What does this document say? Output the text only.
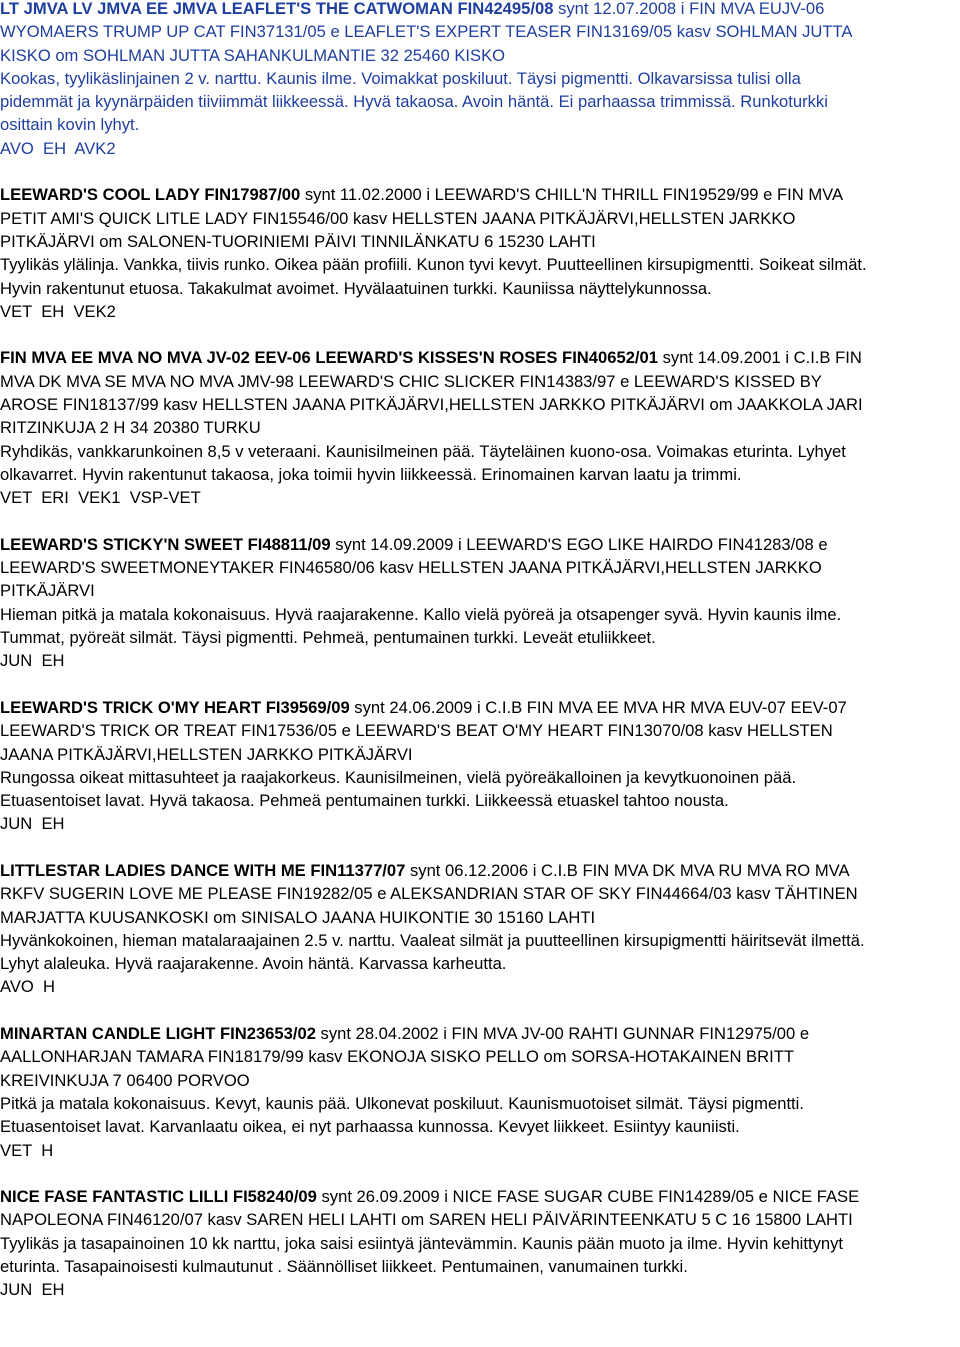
LT JMVA LV JMVA EE JMVA LEAFLET'S THE CATWOMAN FIN42495/08 synt 12.07.2008 i FIN MVA EUJV-06
WYOMAERS TRUMP UP CAT FIN37131/05 e LEAFLET'S EXPERT TEASER FIN13169/05 kasv SOHLMAN JUTTA
KISKO om SOHLMAN JUTTA SAHANKULMANTIE 32 25460 KISKO
Kookas, tyylikäslinjainen 2 v. narttu. Kaunis ilme. Voimakkat poskiluut. Täysi pigmentti. Olkavarsissa tulisi olla
pidemmät ja kyynärpäiden tiiviimmät liikkeessä. Hyvä takaosa. Avoin häntä. Ei parhaassa trimmissä. Runkoturkki
osittain kovin lyhyt.
AVO  EH  AVK2
LEEWARD'S COOL LADY FIN17987/00 synt 11.02.2000 i LEEWARD'S CHILL'N THRILL FIN19529/99 e FIN MVA
PETIT AMI'S QUICK LITLE LADY FIN15546/00 kasv HELLSTEN JAANA PITKÄJÄRVI,HELLSTEN JARKKO
PITKÄJÄRVI om SALONEN-TUORINIEMI PÄIVI TINNILÄNKATU 6 15230 LAHTI
Tyylikäs ylälinja. Vankka, tiivis runko. Oikea pään profiili. Kunon tyvi kevyt. Puutteellinen kirsupigmentti. Soikeat silmät.
Hyvin rakentunut etuosa. Takakulmat avoimet. Hyvälaatuinen turkki. Kauniissa näyttelykunnossa.
VET  EH  VEK2
FIN MVA EE MVA NO MVA JV-02 EEV-06 LEEWARD'S KISSES'N ROSES FIN40652/01 synt 14.09.2001 i C.I.B FIN
MVA DK MVA SE MVA NO MVA JMV-98 LEEWARD'S CHIC SLICKER FIN14383/97 e LEEWARD'S KISSED BY
AROSE FIN18137/99 kasv HELLSTEN JAANA PITKÄJÄRVI,HELLSTEN JARKKO PITKÄJÄRVI om JAAKKOLA JARI
RITZINKUJA 2 H 34 20380 TURKU
Ryhdikäs, vankkarunkoinen 8,5 v veteraani. Kaunisilmeinen pää. Täyteläinen kuono-osa. Voimakas eturinta. Lyhyet
olkavarret. Hyvin rakentunut takaosa, joka toimii hyvin liikkeessä. Erinomainen karvan laatu ja trimmi.
VET  ERI  VEK1  VSP-VET
LEEWARD'S STICKY'N SWEET FI48811/09 synt 14.09.2009 i LEEWARD'S EGO LIKE HAIRDO FIN41283/08 e
LEEWARD'S SWEETMONEYTAKER FIN46580/06 kasv HELLSTEN JAANA PITKÄJÄRVI,HELLSTEN JARKKO
PITKÄJÄRVI
Hieman pitkä ja matala kokonaisuus. Hyvä raajarakenne. Kallo vielä pyöreä ja otsapenger syvä. Hyvin kaunis ilme.
Tummat, pyöreät silmät. Täysi pigmentti. Pehmeä, pentumainen turkki. Leveät etuliikkeet.
JUN  EH
LEEWARD'S TRICK O'MY HEART FI39569/09 synt 24.06.2009 i C.I.B FIN MVA EE MVA HR MVA EUV-07 EEV-07
LEEWARD'S TRICK OR TREAT FIN17536/05 e LEEWARD'S BEAT O'MY HEART FIN13070/08 kasv HELLSTEN
JAANA PITKÄJÄRVI,HELLSTEN JARKKO PITKÄJÄRVI
Rungossa oikeat mittasuhteet ja raajakorkeus. Kaunisilmeinen, vielä pyöreäkalloinen ja kevytkuonoinen pää.
Etuasentoiset lavat. Hyvä takaosa. Pehmeä pentumainen turkki. Liikkeessä etuaskel tahtoo nousta.
JUN  EH
LITTLESTAR LADIES DANCE WITH ME FIN11377/07 synt 06.12.2006 i C.I.B FIN MVA DK MVA RU MVA RO MVA
RKFV SUGERIN LOVE ME PLEASE FIN19282/05 e ALEKSANDRIAN STAR OF SKY FIN44664/03 kasv TÄHTINEN
MARJATTA KUUSANKOSKI om SINISALO JAANA HUIKONTIE 30 15160 LAHTI
Hyvänkokoinen, hieman matalaraajainen 2.5 v. narttu. Vaaleat silmät ja puutteellinen kirsupigmentti häiritsevät ilmettä.
Lyhyt alaleuka. Hyvä raajarakenne. Avoin häntä. Karvassa karheutta.
AVO  H
MINARTAN CANDLE LIGHT FIN23653/02 synt 28.04.2002 i FIN MVA JV-00 RAHTI GUNNAR FIN12975/00 e
AALLONHARJAN TAMARA FIN18179/99 kasv EKONOJA SISKO PELLO om SORSA-HOTAKAINEN BRITT
KREIVINKUJA 7 06400 PORVOO
Pitkä ja matala kokonaisuus. Kevyt, kaunis pää. Ulkonevat poskiluut. Kaunismuotoiset silmät. Täysi pigmentti.
Etuasentoiset lavat. Karvanlaatu oikea, ei nyt parhaassa kunnossa. Kevyet liikkeet. Esiintyy kauniisti.
VET  H
NICE FASE FANTASTIC LILLI FI58240/09 synt 26.09.2009 i NICE FASE SUGAR CUBE FIN14289/05 e NICE FASE
NAPOLEONA FIN46120/07 kasv SAREN HELI LAHTI om SAREN HELI PÄIVÄRINTEENKATU 5 C 16 15800 LAHTI
Tyylikäs ja tasapainoinen 10 kk narttu, joka saisi esiintyä jäntevämmin. Kaunis pään muoto ja ilme. Hyvin kehittynyt
eturinta. Tasapainoisesti kulmautunut . Säännölliset liikkeet. Pentumainen, vanumainen turkki.
JUN  EH
